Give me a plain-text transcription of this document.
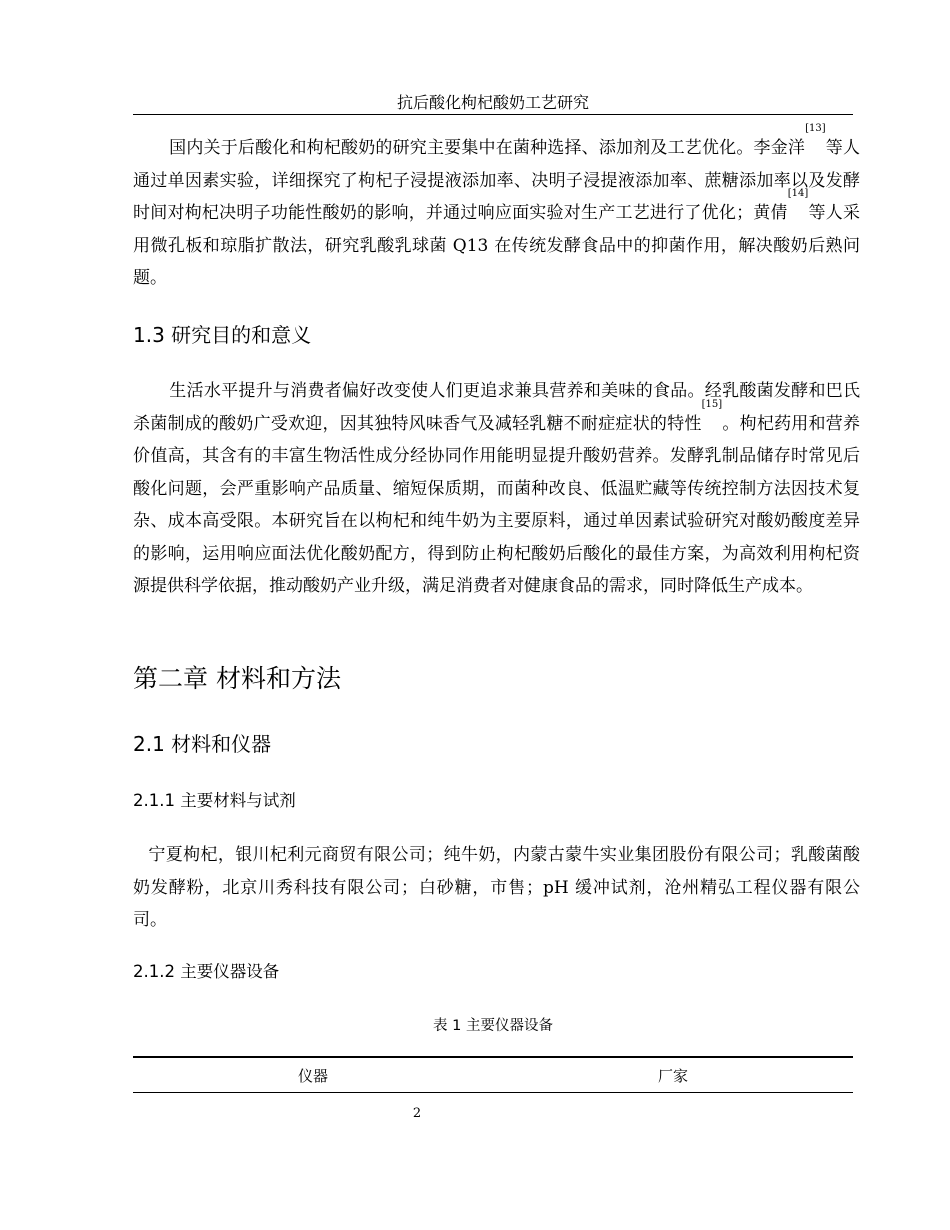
抗后酸化枸杞酸奶工艺研究

国内关于后酸化和枸杞酸奶的研究主要集中在菌种选择、添加剂及工艺优化。李金洋[13]等人通过单因素实验，详细探究了枸杞子浸提液添加率、决明子浸提液添加率、蔗糖添加率以及发酵时间对枸杞决明子功能性酸奶的影响，并通过响应面实验对生产工艺进行了优化；黄倩[14]等人采用微孔板和琼脂扩散法，研究乳酸乳球菌 Q13 在传统发酵食品中的抑菌作用，解决酸奶后熟问题。

1.3 研究目的和意义

生活水平提升与消费者偏好改变使人们更追求兼具营养和美味的食品。经乳酸菌发酵和巴氏杀菌制成的酸奶广受欢迎，因其独特风味香气及减轻乳糖不耐症症状的特性[15]。枸杞药用和营养价值高，其含有的丰富生物活性成分经协同作用能明显提升酸奶营养。发酵乳制品储存时常见后酸化问题，会严重影响产品质量、缩短保质期，而菌种改良、低温贮藏等传统控制方法因技术复杂、成本高受限。本研究旨在以枸杞和纯牛奶为主要原料，通过单因素试验研究对酸奶酸度差异的影响，运用响应面法优化酸奶配方，得到防止枸杞酸奶后酸化的最佳方案，为高效利用枸杞资源提供科学依据，推动酸奶产业升级，满足消费者对健康食品的需求，同时降低生产成本。

第二章 材料和方法
2.1 材料和仪器
2.1.1 主要材料与试剂

宁夏枸杞，银川杞利元商贸有限公司；纯牛奶，内蒙古蒙牛实业集团股份有限公司；乳酸菌酸奶发酵粉，北京川秀科技有限公司；白砂糖，市售；pH 缓冲试剂，沧州精弘工程仪器有限公司。

2.1.2 主要仪器设备
表 1 主要仪器设备
仪器	厂家
2
